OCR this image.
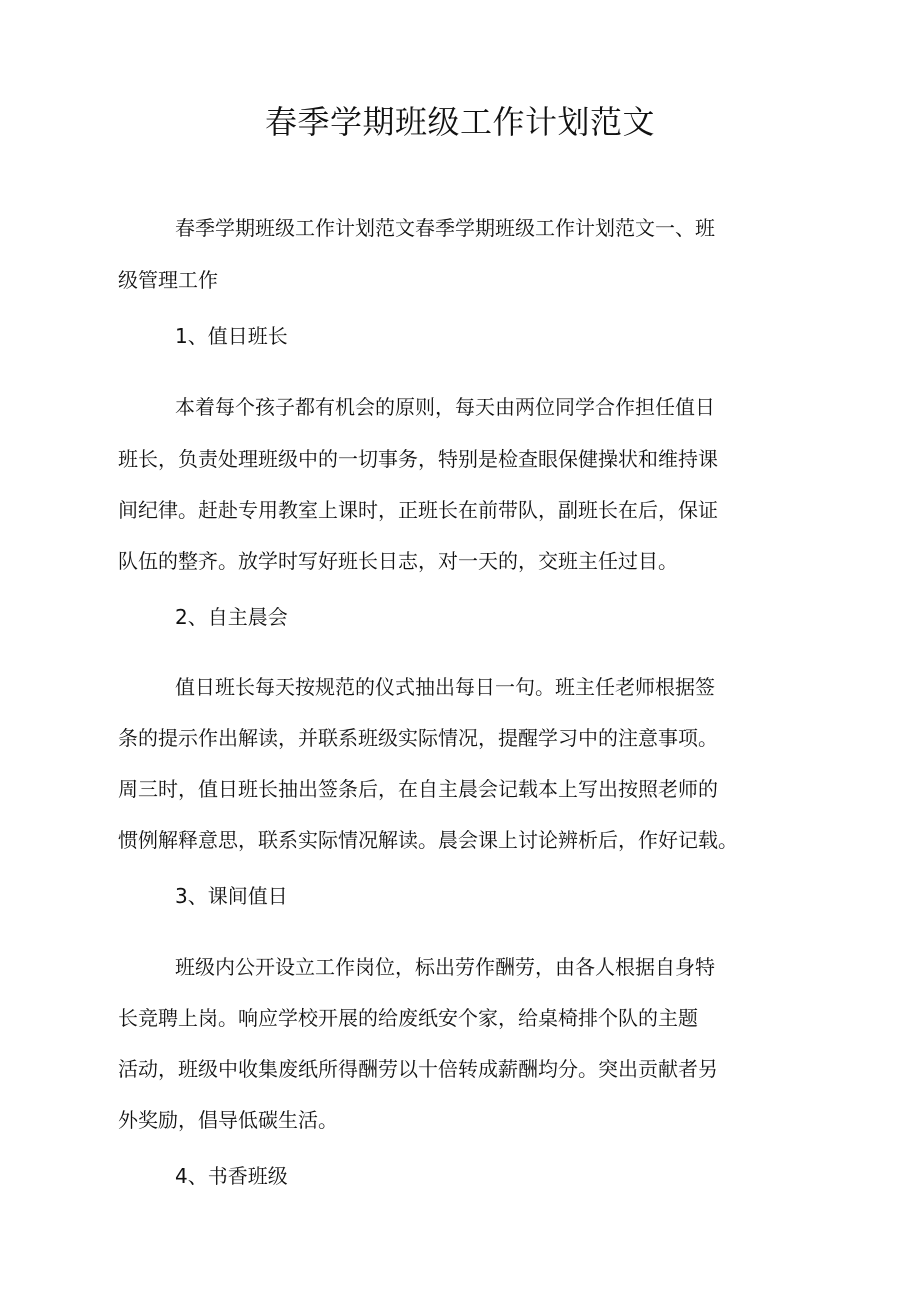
春季学期班级工作计划范文

春季学期班级工作计划范文春季学期班级工作计划范文一、班

级管理工作

1、值日班长

本着每个孩子都有机会的原则，每天由两位同学合作担任值日

班长，负责处理班级中的一切事务，特别是检查眼保健操状和维持课

间纪律。赶赴专用教室上课时，正班长在前带队，副班长在后，保证

队伍的整齐。放学时写好班长日志，对一天的，交班主任过目。

2、自主晨会

值日班长每天按规范的仪式抽出每日一句。班主任老师根据签

条的提示作出解读，并联系班级实际情况，提醒学习中的注意事项。

周三时，值日班长抽出签条后，在自主晨会记载本上写出按照老师的

惯例解释意思，联系实际情况解读。晨会课上讨论辨析后，作好记载。

3、课间值日

班级内公开设立工作岗位，标出劳作酬劳，由各人根据自身特

长竞聘上岗。响应学校开展的给废纸安个家，给桌椅排个队的主题

活动，班级中收集废纸所得酬劳以十倍转成薪酬均分。突出贡献者另

外奖励，倡导低碳生活。

4、书香班级
